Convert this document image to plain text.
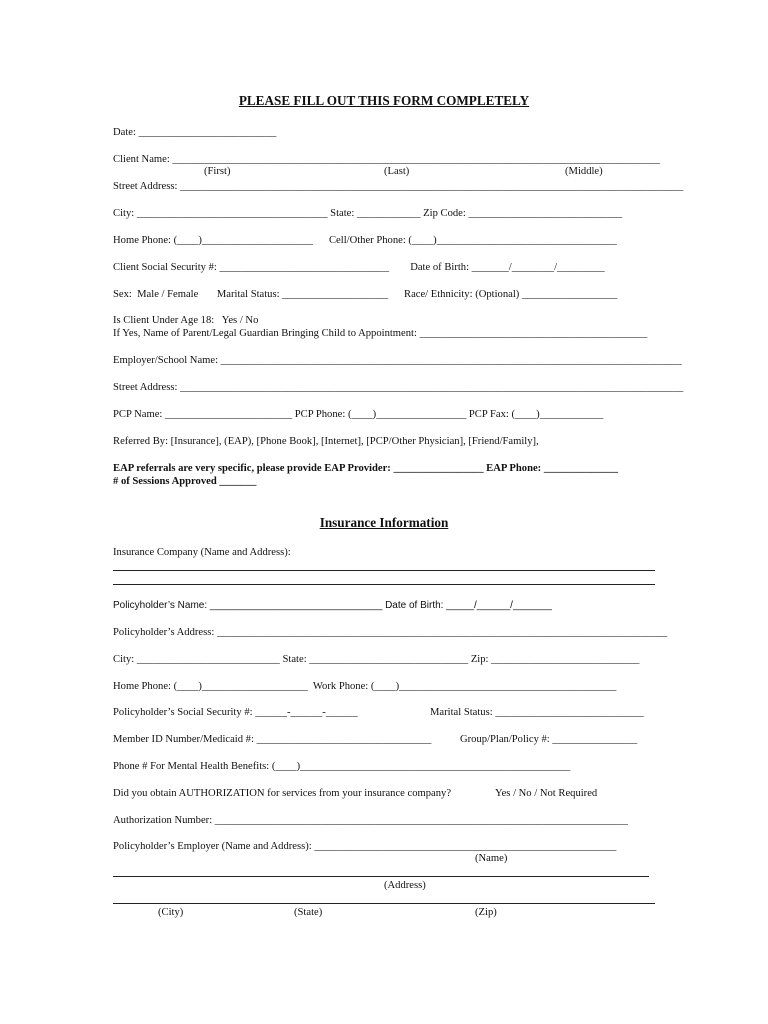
PLEASE FILL OUT THIS FORM COMPLETELY
Date: __________________________
Client Name: ____________________________________________________________________________________________
(First)	(Last)	(Middle)
Street Address: _______________________________________________________________________________________________
City: ____________________________________ State: ____________ Zip Code: _____________________________
Home Phone: (____)_____________________      Cell/Other Phone: (____)__________________________________
Client Social Security #: ________________________________        Date of Birth: _______/________/_________
Sex:  Male / Female       Marital Status: ____________________      Race/ Ethnicity: (Optional) __________________
Is Client Under Age 18:   Yes / No
If Yes, Name of Parent/Legal Guardian Bringing Child to Appointment: ___________________________________________
Employer/School Name: _______________________________________________________________________________________
Street Address: _______________________________________________________________________________________________
PCP Name: ________________________ PCP Phone: (____)_________________ PCP Fax: (____)____________
Referred By: [Insurance], (EAP), [Phone Book], [Internet], [PCP/Other Physician], [Friend/Family],
EAP referrals are very specific, please provide EAP Provider: _________________ EAP Phone: ______________
# of Sessions Approved _______
Insurance Information
Insurance Company (Name and Address):
Policyholder’s Name: _______________________________ Date of Birth: _____/______/_______
Policyholder’s Address: _____________________________________________________________________________________
City: ___________________________ State: ______________________________ Zip: ____________________________
Home Phone: (____)____________________  Work Phone: (____)_________________________________________
Policyholder’s Social Security #: ______-______-______	Marital Status: ____________________________
Member ID Number/Medicaid #: _________________________________	Group/Plan/Policy #: ________________
Phone # For Mental Health Benefits: (____)___________________________________________________
Did you obtain AUTHORIZATION for services from your insurance company?	Yes / No / Not Required
Authorization Number: ______________________________________________________________________________
Policyholder’s Employer (Name and Address): _________________________________________________________
(Name)
(Address)
(City)	(State)	(Zip)
